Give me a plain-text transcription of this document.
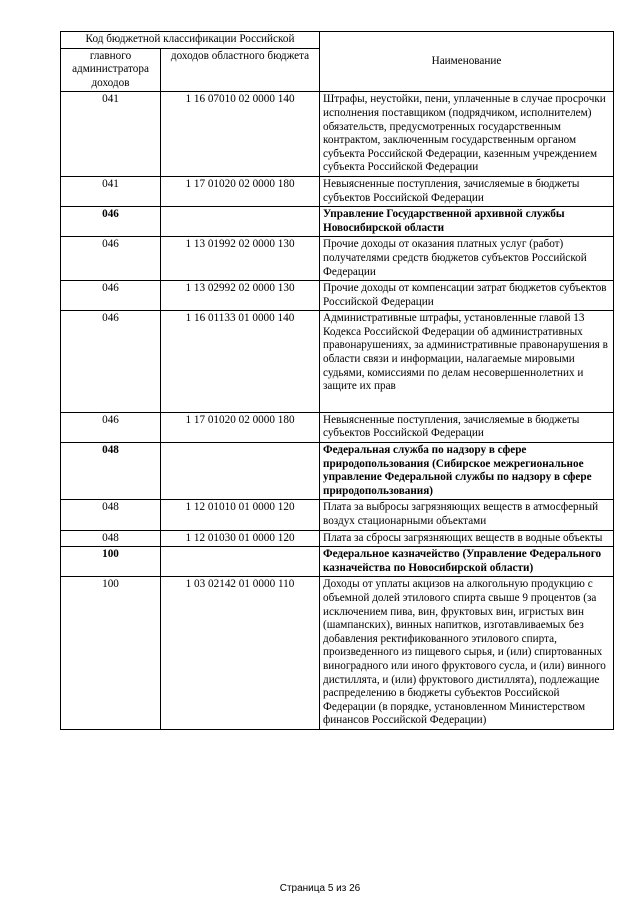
Код бюджетной классификации Российской		Наименование
главного администратора доходов	доходов областного бюджета	
041	1 16 07010 02 0000 140	Штрафы, неустойки, пени, уплаченные в случае просрочки исполнения поставщиком (подрядчиком, исполнителем) обязательств, предусмотренных государственным контрактом, заключенным государственным органом субъекта Российской Федерации, казенным учреждением субъекта Российской Федерации
041	1 17 01020 02 0000 180	Невыясненные поступления, зачисляемые в бюджеты субъектов Российской Федерации
046		Управление Государственной архивной службы Новосибирской области
046	1 13 01992 02 0000 130	Прочие доходы от оказания платных услуг (работ) получателями средств бюджетов субъектов Российской Федерации
046	1 13 02992 02 0000 130	Прочие доходы от компенсации затрат бюджетов субъектов Российской Федерации
046	1 16 01133 01 0000 140	Административные штрафы, установленные главой 13 Кодекса Российской Федерации об административных правонарушениях, за административные правонарушения в области связи и информации, налагаемые мировыми судьями, комиссиями по делам несовершеннолетних и защите их прав
046	1 17 01020 02 0000 180	Невыясненные поступления, зачисляемые в бюджеты субъектов Российской Федерации
048		Федеральная служба по надзору в сфере природопользования (Сибирское межрегиональное управление Федеральной службы по надзору в сфере природопользования)
048	1 12 01010 01 0000 120	Плата за выбросы загрязняющих веществ в атмосферный воздух стационарными объектами
048	1 12 01030 01 0000 120	Плата за сбросы загрязняющих веществ в водные объекты
100		Федеральное казначейство (Управление Федерального казначейства по Новосибирской области)
100	1 03 02142 01 0000 110	Доходы от уплаты акцизов на алкогольную продукцию с объемной долей этилового спирта свыше 9 процентов (за исключением пива, вин, фруктовых вин, игристых вин (шампанских), винных напитков, изготавливаемых без добавления ректификованного этилового спирта, произведенного из пищевого сырья, и (или) спиртованных виноградного или иного фруктового сусла, и (или) винного дистиллята, и (или) фруктового дистиллята), подлежащие распределению в бюджеты субъектов Российской Федерации (в порядке, установленном Министерством финансов Российской Федерации)
Страница 5 из 26
